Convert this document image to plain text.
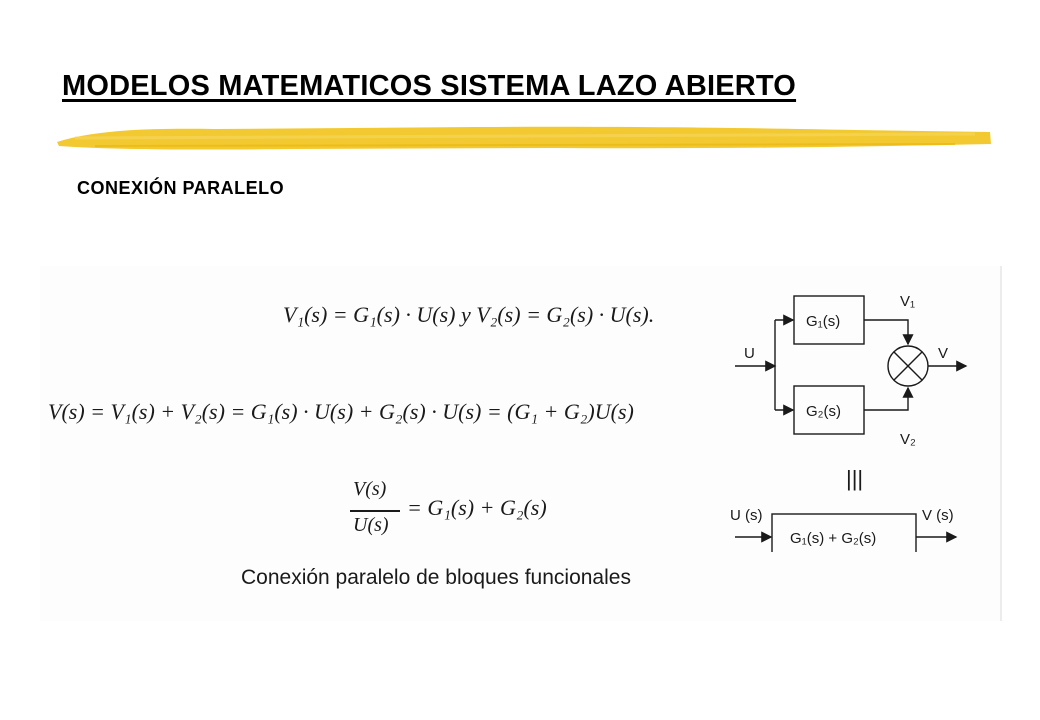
MODELOS MATEMATICOS SISTEMA LAZO ABIERTO

CONEXIÓN PARALELO

V₁(s) = G₁(s) · U(s) y V₂(s) = G₂(s) · U(s).

V(s) = V₁(s) + V₂(s) = G₁(s) · U(s) + G₂(s) · U(s) = (G₁ + G₂)U(s)

V(s)

U(s)

= G₁(s) + G₂(s)

Conexión paralelo de bloques funcionales

G₁(s)
G₂(s)
U	V
V₁
V₂
|||
U (s)	V (s)
G₁(s) + G₂(s)
